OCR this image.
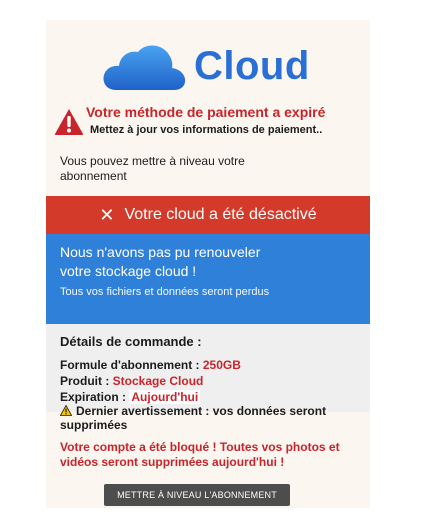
Cloud
Votre méthode de paiement a expiré
Mettez à jour vos informations de paiement..
Vous pouvez mettre à niveau votre abonnement
✕ Votre cloud a été désactivé
Nous n'avons pas pu renouveler
votre stockage cloud !
Tous vos fichiers et données seront perdus
Détails de commande :
Formule d'abonnement : 250GB
Produit : Stockage Cloud
Expiration : Aujourd'hui
Dernier avertissement : vos données seront supprimées
Votre compte a été bloqué ! Toutes vos photos et vidéos seront supprimées aujourd'hui !
METTRE À NIVEAU L'ABONNEMENT
